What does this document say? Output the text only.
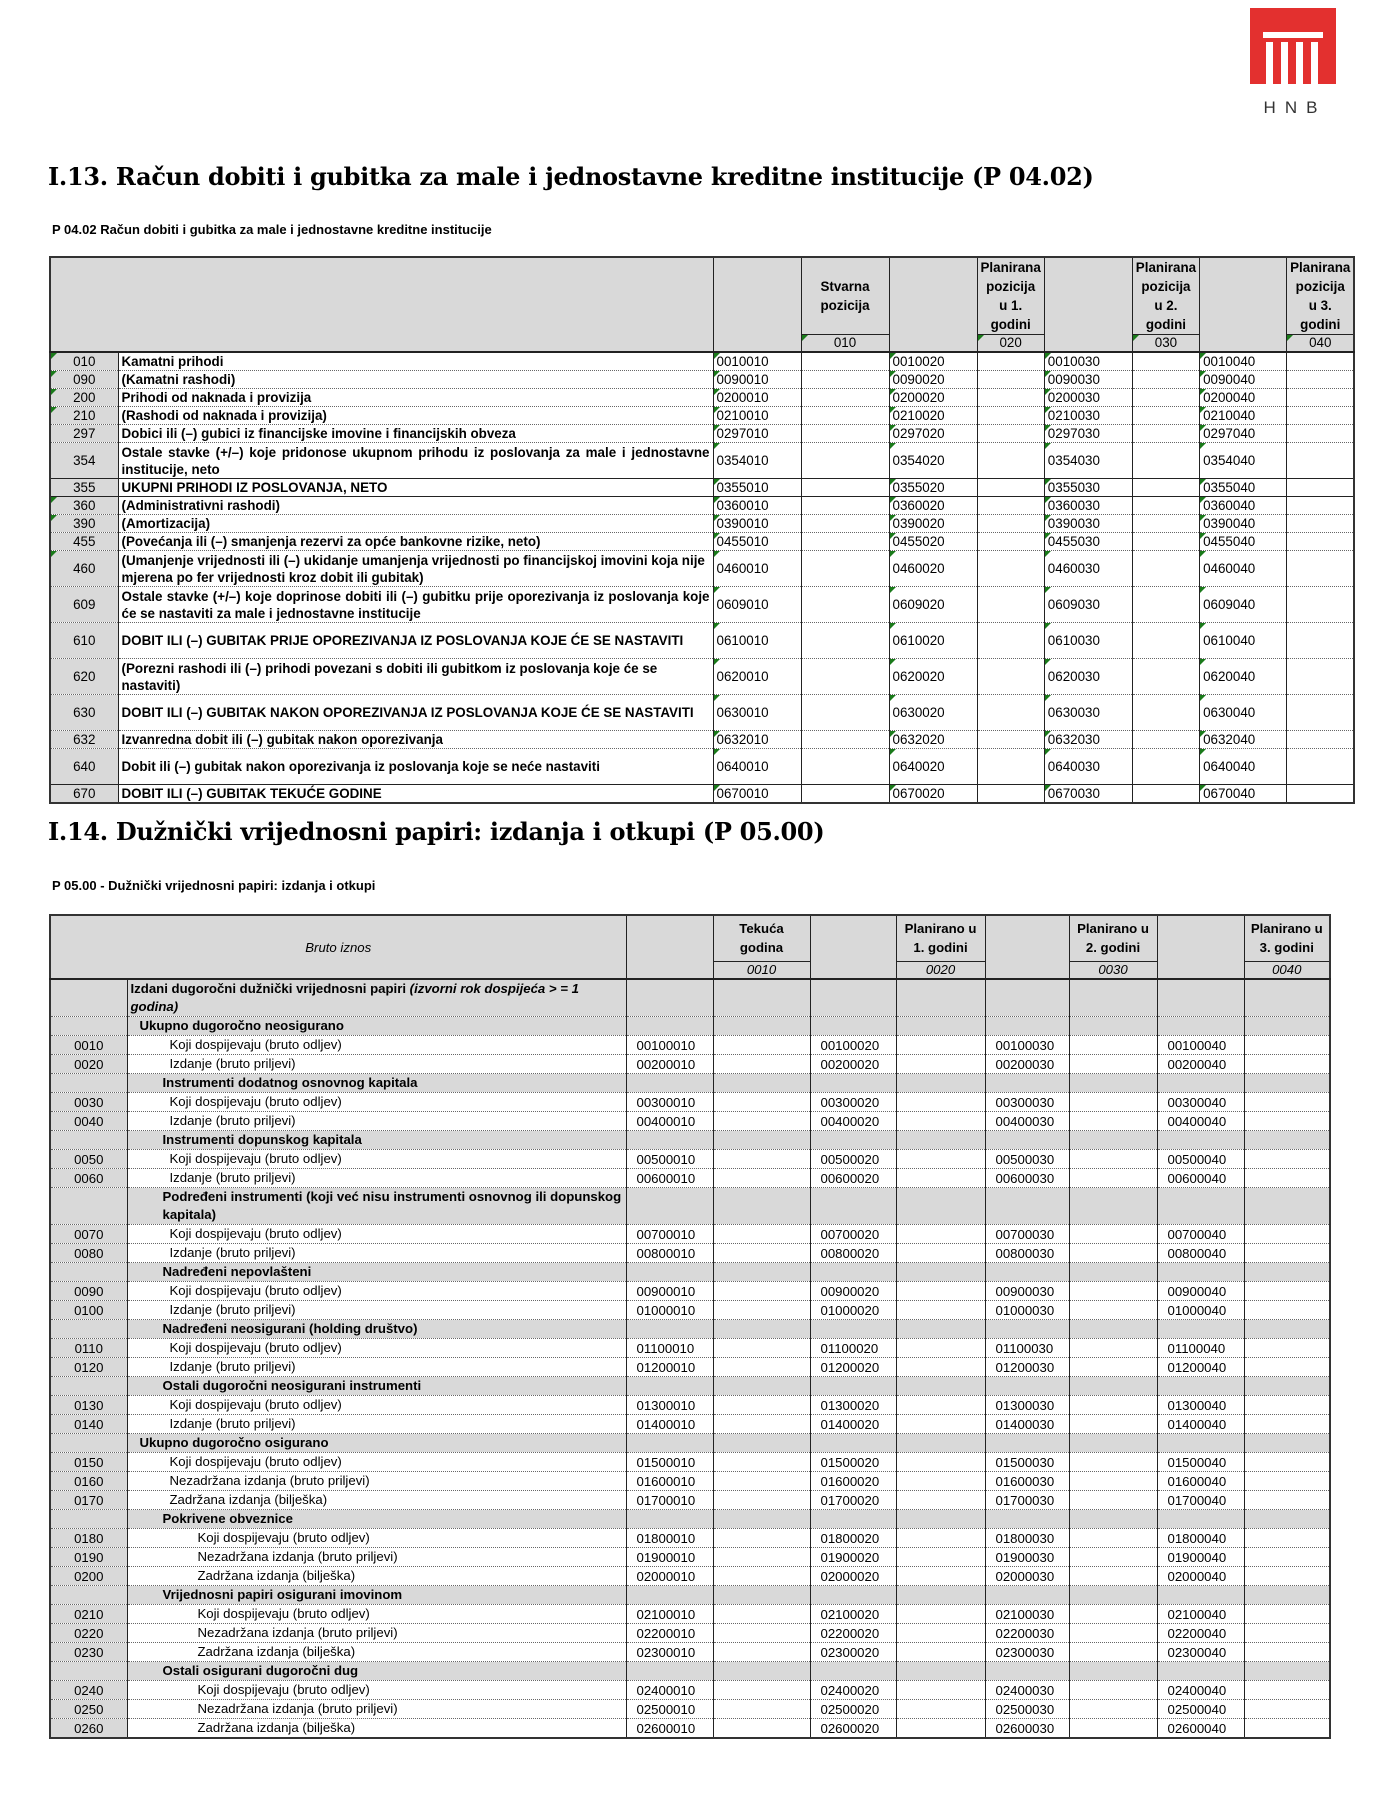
HNB
I.13. Račun dobiti i gubitka za male i jednostavne kreditne institucije (P 04.02)
P 04.02 Račun dobiti i gubitka za male i jednostavne kreditne institucije
			Stvarna pozicija		Planirana pozicija u 1. godini		Planirana pozicija u 2. godini		Planirana pozicija u 3. godini
			010		020		030		040
010	Kamatni prihodi	0010010		0010020		0010030		0010040	
090	(Kamatni rashodi)	0090010		0090020		0090030		0090040	
200	Prihodi od naknada i provizija	0200010		0200020		0200030		0200040	
210	(Rashodi od naknada i provizija)	0210010		0210020		0210030		0210040	
297	Dobici ili (–) gubici iz financijske imovine i financijskih obveza	0297010		0297020		0297030		0297040	
354	Ostale stavke (+/–) koje pridonose ukupnom prihodu iz poslovanja za male i jednostavne institucije, neto	0354010		0354020		0354030		0354040	
355	UKUPNI PRIHODI IZ POSLOVANJA, NETO	0355010		0355020		0355030		0355040	
360	(Administrativni rashodi)	0360010		0360020		0360030		0360040	
390	(Amortizacija)	0390010		0390020		0390030		0390040	
455	(Povećanja ili (–) smanjenja rezervi za opće bankovne rizike, neto)	0455010		0455020		0455030		0455040	
460	(Umanjenje vrijednosti ili (–) ukidanje umanjenja vrijednosti po financijskoj imovini koja nije mjerena po fer vrijednosti kroz dobit ili gubitak)	0460010		0460020		0460030		0460040	
609	Ostale stavke (+/–) koje doprinose dobiti ili (–) gubitku prije oporezivanja iz poslovanja koje će se nastaviti za male i jednostavne institucije	0609010		0609020		0609030		0609040	
610	DOBIT ILI (–) GUBITAK PRIJE OPOREZIVANJA IZ POSLOVANJA KOJE ĆE SE NASTAVITI	0610010		0610020		0610030		0610040	
620	(Porezni rashodi ili (–) prihodi povezani s dobiti ili gubitkom iz poslovanja koje će se nastaviti)	0620010		0620020		0620030		0620040	
630	DOBIT ILI (–) GUBITAK NAKON OPOREZIVANJA IZ POSLOVANJA KOJE ĆE SE NASTAVITI	0630010		0630020		0630030		0630040	
632	Izvanredna dobit ili (–) gubitak nakon oporezivanja	0632010		0632020		0632030		0632040	
640	Dobit ili (–) gubitak nakon oporezivanja iz poslovanja koje se neće nastaviti	0640010		0640020		0640030		0640040	
670	DOBIT ILI (–) GUBITAK TEKUĆE GODINE	0670010		0670020		0670030		0670040	
I.14. Dužnički vrijednosni papiri: izdanja i otkupi (P 05.00)
P 05.00 - Dužnički vrijednosni papiri: izdanja i otkupi
Bruto iznos			Tekuća godina		Planirano u 1. godini		Planirano u 2. godini		Planirano u 3. godini
			0010		0020		0030		0040
	Izdani dugoročni dužnički vrijednosni papiri (izvorni rok dospijeća > = 1 godina)								
	Ukupno dugoročno neosigurano								
0010	Koji dospijevaju (bruto odljev)	00100010		00100020		00100030		00100040	
0020	Izdanje (bruto priljevi)	00200010		00200020		00200030		00200040	
	Instrumenti dodatnog osnovnog kapitala								
0030	Koji dospijevaju (bruto odljev)	00300010		00300020		00300030		00300040	
0040	Izdanje (bruto priljevi)	00400010		00400020		00400030		00400040	
	Instrumenti dopunskog kapitala								
0050	Koji dospijevaju (bruto odljev)	00500010		00500020		00500030		00500040	
0060	Izdanje (bruto priljevi)	00600010		00600020		00600030		00600040	
	Podređeni instrumenti (koji već nisu instrumenti osnovnog ili dopunskog kapitala)								
0070	Koji dospijevaju (bruto odljev)	00700010		00700020		00700030		00700040	
0080	Izdanje (bruto priljevi)	00800010		00800020		00800030		00800040	
	Nadređeni nepovlašteni								
0090	Koji dospijevaju (bruto odljev)	00900010		00900020		00900030		00900040	
0100	Izdanje (bruto priljevi)	01000010		01000020		01000030		01000040	
	Nadređeni neosigurani (holding društvo)								
0110	Koji dospijevaju (bruto odljev)	01100010		01100020		01100030		01100040	
0120	Izdanje (bruto priljevi)	01200010		01200020		01200030		01200040	
	Ostali dugoročni neosigurani instrumenti								
0130	Koji dospijevaju (bruto odljev)	01300010		01300020		01300030		01300040	
0140	Izdanje (bruto priljevi)	01400010		01400020		01400030		01400040	
	Ukupno dugoročno osigurano								
0150	Koji dospijevaju (bruto odljev)	01500010		01500020		01500030		01500040	
0160	Nezadržana izdanja (bruto priljevi)	01600010		01600020		01600030		01600040	
0170	Zadržana izdanja (bilješka)	01700010		01700020		01700030		01700040	
	Pokrivene obveznice								
0180	Koji dospijevaju (bruto odljev)	01800010		01800020		01800030		01800040	
0190	Nezadržana izdanja (bruto priljevi)	01900010		01900020		01900030		01900040	
0200	Zadržana izdanja (bilješka)	02000010		02000020		02000030		02000040	
	Vrijednosni papiri osigurani imovinom								
0210	Koji dospijevaju (bruto odljev)	02100010		02100020		02100030		02100040	
0220	Nezadržana izdanja (bruto priljevi)	02200010		02200020		02200030		02200040	
0230	Zadržana izdanja (bilješka)	02300010		02300020		02300030		02300040	
	Ostali osigurani dugoročni dug								
0240	Koji dospijevaju (bruto odljev)	02400010		02400020		02400030		02400040	
0250	Nezadržana izdanja (bruto priljevi)	02500010		02500020		02500030		02500040	
0260	Zadržana izdanja (bilješka)	02600010		02600020		02600030		02600040	
